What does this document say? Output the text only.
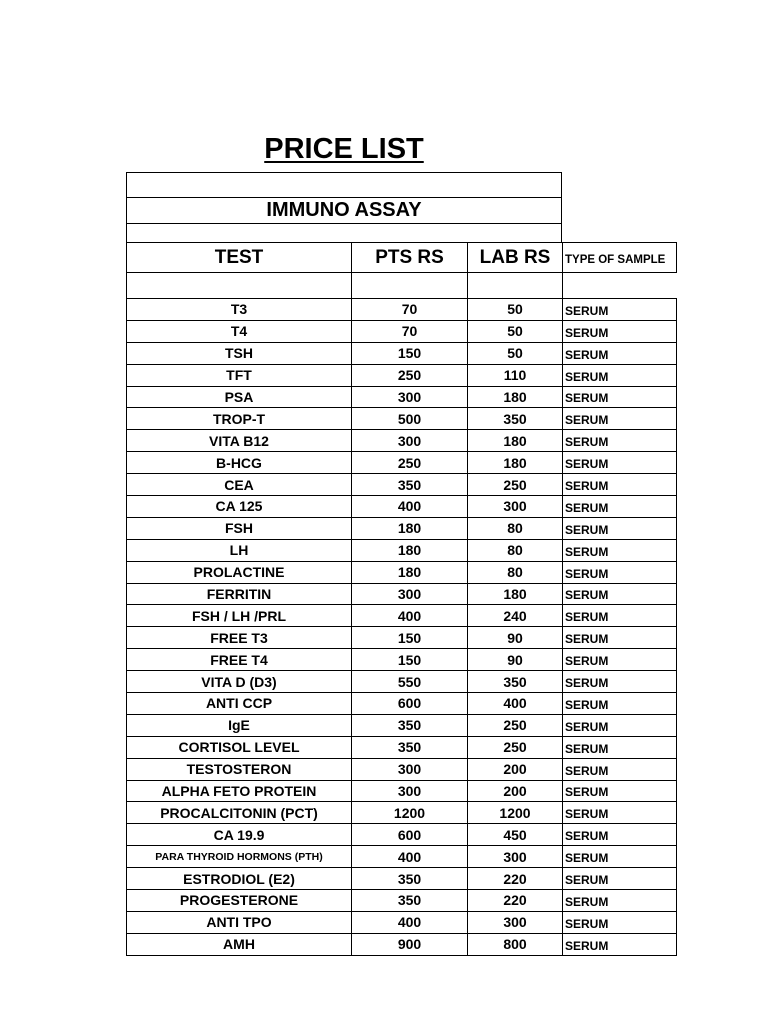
PRICE LIST
IMMUNO ASSAY
TEST	PTS RS	LAB RS	TYPE OF SAMPLE

T3	70	50	SERUM
T4	70	50	SERUM
TSH	150	50	SERUM
TFT	250	110	SERUM
PSA	300	180	SERUM
TROP-T	500	350	SERUM
VITA B12	300	180	SERUM
B-HCG	250	180	SERUM
CEA	350	250	SERUM
CA 125	400	300	SERUM
FSH	180	80	SERUM
LH	180	80	SERUM
PROLACTINE	180	80	SERUM
FERRITIN	300	180	SERUM
FSH / LH /PRL	400	240	SERUM
FREE T3	150	90	SERUM
FREE T4	150	90	SERUM
VITA D (D3)	550	350	SERUM
ANTI CCP	600	400	SERUM
IgE	350	250	SERUM
CORTISOL LEVEL	350	250	SERUM
TESTOSTERON	300	200	SERUM
ALPHA FETO PROTEIN	300	200	SERUM
PROCALCITONIN (PCT)	1200	1200	SERUM
CA 19.9	600	450	SERUM
PARA THYROID HORMONS (PTH)	400	300	SERUM
ESTRODIOL (E2)	350	220	SERUM
PROGESTERONE	350	220	SERUM
ANTI TPO	400	300	SERUM
AMH	900	800	SERUM
